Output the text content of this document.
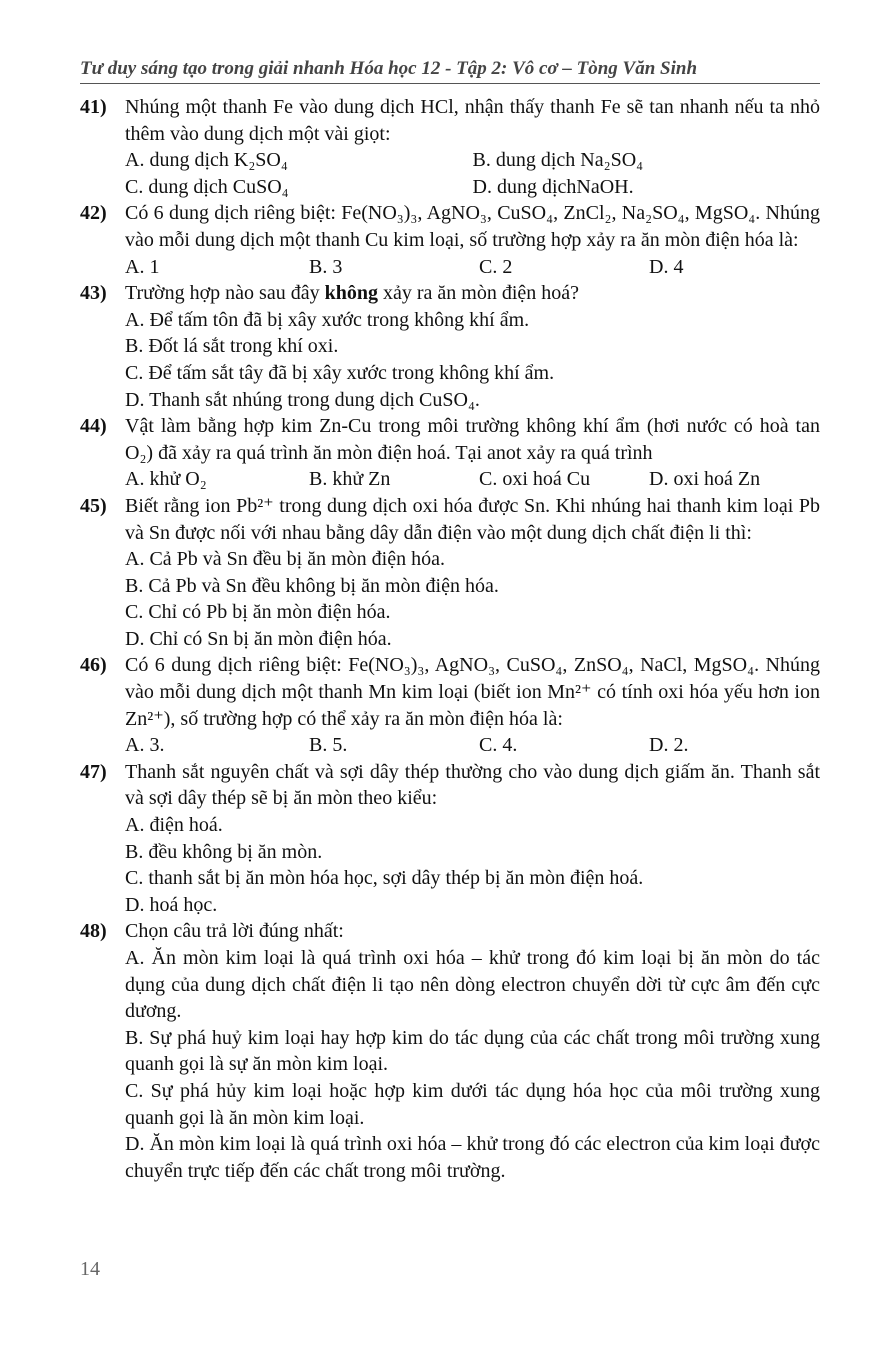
Tư duy sáng tạo trong giải nhanh Hóa học 12 - Tập 2: Vô cơ – Tòng Văn Sinh
41) Nhúng một thanh Fe vào dung dịch HCl, nhận thấy thanh Fe sẽ tan nhanh nếu ta nhỏ thêm vào dung dịch một vài giọt:
A. dung dịch K₂SO₄	B. dung dịch Na₂SO₄
C. dung dịch CuSO₄	D. dung dịchNaOH.
42) Có 6 dung dịch riêng biệt: Fe(NO₃)₃, AgNO₃, CuSO₄, ZnCl₂, Na₂SO₄, MgSO₄. Nhúng vào mỗi dung dịch một thanh Cu kim loại, số trường hợp xảy ra ăn mòn điện hóa là:
A. 1	B. 3	C. 2	D. 4
43) Trường hợp nào sau đây không xảy ra ăn mòn điện hoá?
A. Để tấm tôn đã bị xây xước trong không khí ẩm.
B. Đốt lá sắt trong khí oxi.
C. Để tấm sắt tây đã bị xây xước trong không khí ẩm.
D. Thanh sắt nhúng trong dung dịch CuSO₄.
44) Vật làm bằng hợp kim Zn-Cu trong môi trường không khí ẩm (hơi nước có hoà tan O₂) đã xảy ra quá trình ăn mòn điện hoá. Tại anot xảy ra quá trình
A. khử O₂	B. khử Zn	C. oxi hoá Cu	D. oxi hoá Zn
45) Biết rằng ion Pb²⁺ trong dung dịch oxi hóa được Sn. Khi nhúng hai thanh kim loại Pb và Sn được nối với nhau bằng dây dẫn điện vào một dung dịch chất điện li thì:
A. Cả Pb và Sn đều bị ăn mòn điện hóa.
B. Cả Pb và Sn đều không bị ăn mòn điện hóa.
C. Chỉ có Pb bị ăn mòn điện hóa.
D. Chỉ có Sn bị ăn mòn điện hóa.
46) Có 6 dung dịch riêng biệt: Fe(NO₃)₃, AgNO₃, CuSO₄, ZnSO₄, NaCl, MgSO₄. Nhúng vào mỗi dung dịch một thanh Mn kim loại (biết ion Mn²⁺ có tính oxi hóa yếu hơn ion Zn²⁺), số trường hợp có thể xảy ra ăn mòn điện hóa là:
A. 3.	B. 5.	C. 4.	D. 2.
47) Thanh sắt nguyên chất và sợi dây thép thường cho vào dung dịch giấm ăn. Thanh sắt và sợi dây thép sẽ bị ăn mòn theo kiểu:
A. điện hoá.
B. đều không bị ăn mòn.
C. thanh sắt bị ăn mòn hóa học, sợi dây thép bị ăn mòn điện hoá.
D. hoá học.
48) Chọn câu trả lời đúng nhất:
A. Ăn mòn kim loại là quá trình oxi hóa – khử trong đó kim loại bị ăn mòn do tác dụng của dung dịch chất điện li tạo nên dòng electron chuyển dời từ cực âm đến cực dương.
B. Sự phá huỷ kim loại hay hợp kim do tác dụng của các chất trong môi trường xung quanh gọi là sự ăn mòn kim loại.
C. Sự phá hủy kim loại hoặc hợp kim dưới tác dụng hóa học của môi trường xung quanh gọi là ăn mòn kim loại.
D. Ăn mòn kim loại là quá trình oxi hóa – khử trong đó các electron của kim loại được chuyển trực tiếp đến các chất trong môi trường.
14
